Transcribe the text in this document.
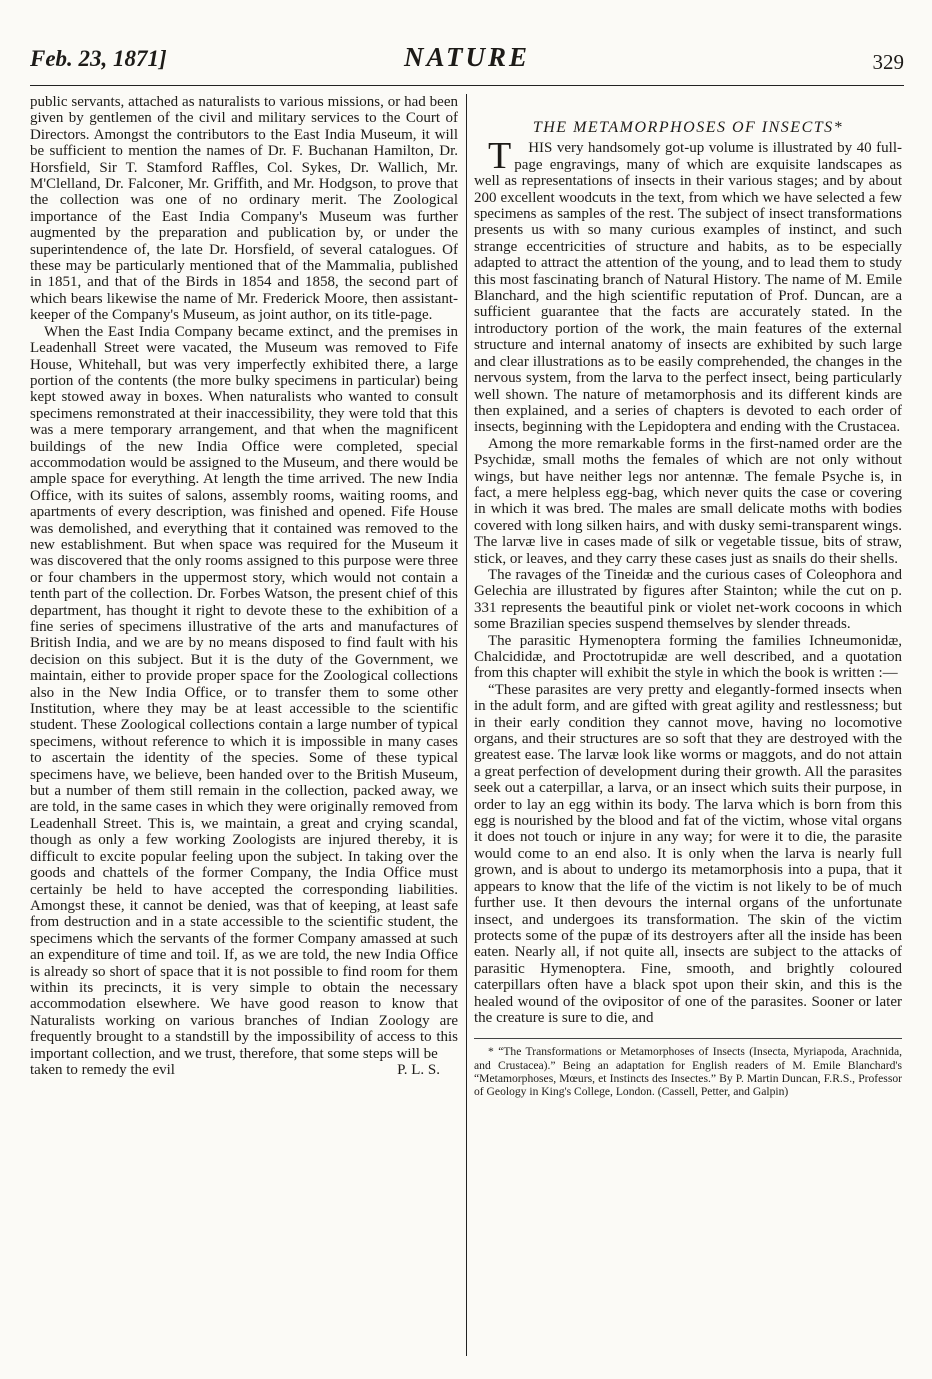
Feb. 23, 1871]	NATURE	329

public servants, attached as naturalists to various missions, or had been given by gentlemen of the civil and military services to the Court of Directors. Amongst the contributors to the East India Museum, it will be sufficient to mention the names of Dr. F. Buchanan Hamilton, Dr. Horsfield, Sir T. Stamford Raffles, Col. Sykes, Dr. Wallich, Mr. M'Clelland, Dr. Falconer, Mr. Griffith, and Mr. Hodgson, to prove that the collection was one of no ordinary merit. The Zoological importance of the East India Company's Museum was further augmented by the preparation and publication by, or under the superintendence of, the late Dr. Horsfield, of several catalogues. Of these may be particularly mentioned that of the Mammalia, published in 1851, and that of the Birds in 1854 and 1858, the second part of which bears likewise the name of Mr. Frederick Moore, then assistant-keeper of the Company's Museum, as joint author, on its title-page.

When the East India Company became extinct, and the premises in Leadenhall Street were vacated, the Museum was removed to Fife House, Whitehall, but was very imperfectly exhibited there, a large portion of the contents (the more bulky specimens in particular) being kept stowed away in boxes. When naturalists who wanted to consult specimens remonstrated at their inaccessibility, they were told that this was a mere temporary arrangement, and that when the magnificent buildings of the new India Office were completed, special accommodation would be assigned to the Museum, and there would be ample space for everything. At length the time arrived. The new India Office, with its suites of salons, assembly rooms, waiting rooms, and apartments of every description, was finished and opened. Fife House was demolished, and everything that it contained was removed to the new establishment. But when space was required for the Museum it was discovered that the only rooms assigned to this purpose were three or four chambers in the uppermost story, which would not contain a tenth part of the collection. Dr. Forbes Watson, the present chief of this department, has thought it right to devote these to the exhibition of a fine series of specimens illustrative of the arts and manufactures of British India, and we are by no means disposed to find fault with his decision on this subject. But it is the duty of the Government, we maintain, either to provide proper space for the Zoological collections also in the New India Office, or to transfer them to some other Institution, where they may be at least accessible to the scientific student. These Zoological collections contain a large number of typical specimens, without reference to which it is impossible in many cases to ascertain the identity of the species. Some of these typical specimens have, we believe, been handed over to the British Museum, but a number of them still remain in the collection, packed away, we are told, in the same cases in which they were originally removed from Leadenhall Street. This is, we maintain, a great and crying scandal, though as only a few working Zoologists are injured thereby, it is difficult to excite popular feeling upon the subject. In taking over the goods and chattels of the former Company, the India Office must certainly be held to have accepted the corresponding liabilities. Amongst these, it cannot be denied, was that of keeping, at least safe from destruction and in a state accessible to the scientific student, the specimens which the servants of the former Company amassed at such an expenditure of time and toil. If, as we are told, the new India Office is already so short of space that it is not possible to find room for them within its precincts, it is very simple to obtain the necessary accommodation elsewhere. We have good reason to know that Naturalists working on various branches of Indian Zoology are frequently brought to a standstill by the impossibility of access to this important collection, and we trust, therefore, that some steps will be

taken to remedy the evil	P. L. S.
THE METAMORPHOSES OF INSECTS*

T HIS very handsomely got-up volume is illustrated by 40 full-page engravings, many of which are exquisite landscapes as well as representations of insects in their various stages; and by about 200 excellent woodcuts in the text, from which we have selected a few specimens as samples of the rest. The subject of insect transformations presents us with so many curious examples of instinct, and such strange eccentricities of structure and habits, as to be especially adapted to attract the attention of the young, and to lead them to study this most fascinating branch of Natural History. The name of M. Emile Blanchard, and the high scientific reputation of Prof. Duncan, are a sufficient guarantee that the facts are accurately stated. In the introductory portion of the work, the main features of the external structure and internal anatomy of insects are exhibited by such large and clear illustrations as to be easily comprehended, the changes in the nervous system, from the larva to the perfect insect, being particularly well shown. The nature of metamorphosis and its different kinds are then explained, and a series of chapters is devoted to each order of insects, beginning with the Lepidoptera and ending with the Crustacea.

Among the more remarkable forms in the first-named order are the Psychidæ, small moths the females of which are not only without wings, but have neither legs nor antennæ. The female Psyche is, in fact, a mere helpless egg-bag, which never quits the case or covering in which it was bred. The males are small delicate moths with bodies covered with long silken hairs, and with dusky semi-transparent wings. The larvæ live in cases made of silk or vegetable tissue, bits of straw, stick, or leaves, and they carry these cases just as snails do their shells.

The ravages of the Tineidæ and the curious cases of Coleophora and Gelechia are illustrated by figures after Stainton; while the cut on p. 331 represents the beautiful pink or violet net-work cocoons in which some Brazilian species suspend themselves by slender threads.

The parasitic Hymenoptera forming the families Ichneumonidæ, Chalcididæ, and Proctotrupidæ are well described, and a quotation from this chapter will exhibit the style in which the book is written :—

“These parasites are very pretty and elegantly-formed insects when in the adult form, and are gifted with great agility and restlessness; but in their early condition they cannot move, having no locomotive organs, and their structures are so soft that they are destroyed with the greatest ease. The larvæ look like worms or maggots, and do not attain a great perfection of development during their growth. All the parasites seek out a caterpillar, a larva, or an insect which suits their purpose, in order to lay an egg within its body. The larva which is born from this egg is nourished by the blood and fat of the victim, whose vital organs it does not touch or injure in any way; for were it to die, the parasite would come to an end also. It is only when the larva is nearly full grown, and is about to undergo its metamorphosis into a pupa, that it appears to know that the life of the victim is not likely to be of much further use. It then devours the internal organs of the unfortunate insect, and undergoes its transformation. The skin of the victim protects some of the pupæ of its destroyers after all the inside has been eaten. Nearly all, if not quite all, insects are subject to the attacks of parasitic Hymenoptera. Fine, smooth, and brightly coloured caterpillars often have a black spot upon their skin, and this is the healed wound of the ovipositor of one of the parasites. Sooner or later the creature is sure to die, and

* “The Transformations or Metamorphoses of Insects (Insecta, Myriapoda, Arachnida, and Crustacea).” Being an adaptation for English readers of M. Emile Blanchard's “Metamorphoses, Mœurs, et Instincts des Insectes.” By P. Martin Duncan, F.R.S., Professor of Geology in King's College, London. (Cassell, Petter, and Galpin)
